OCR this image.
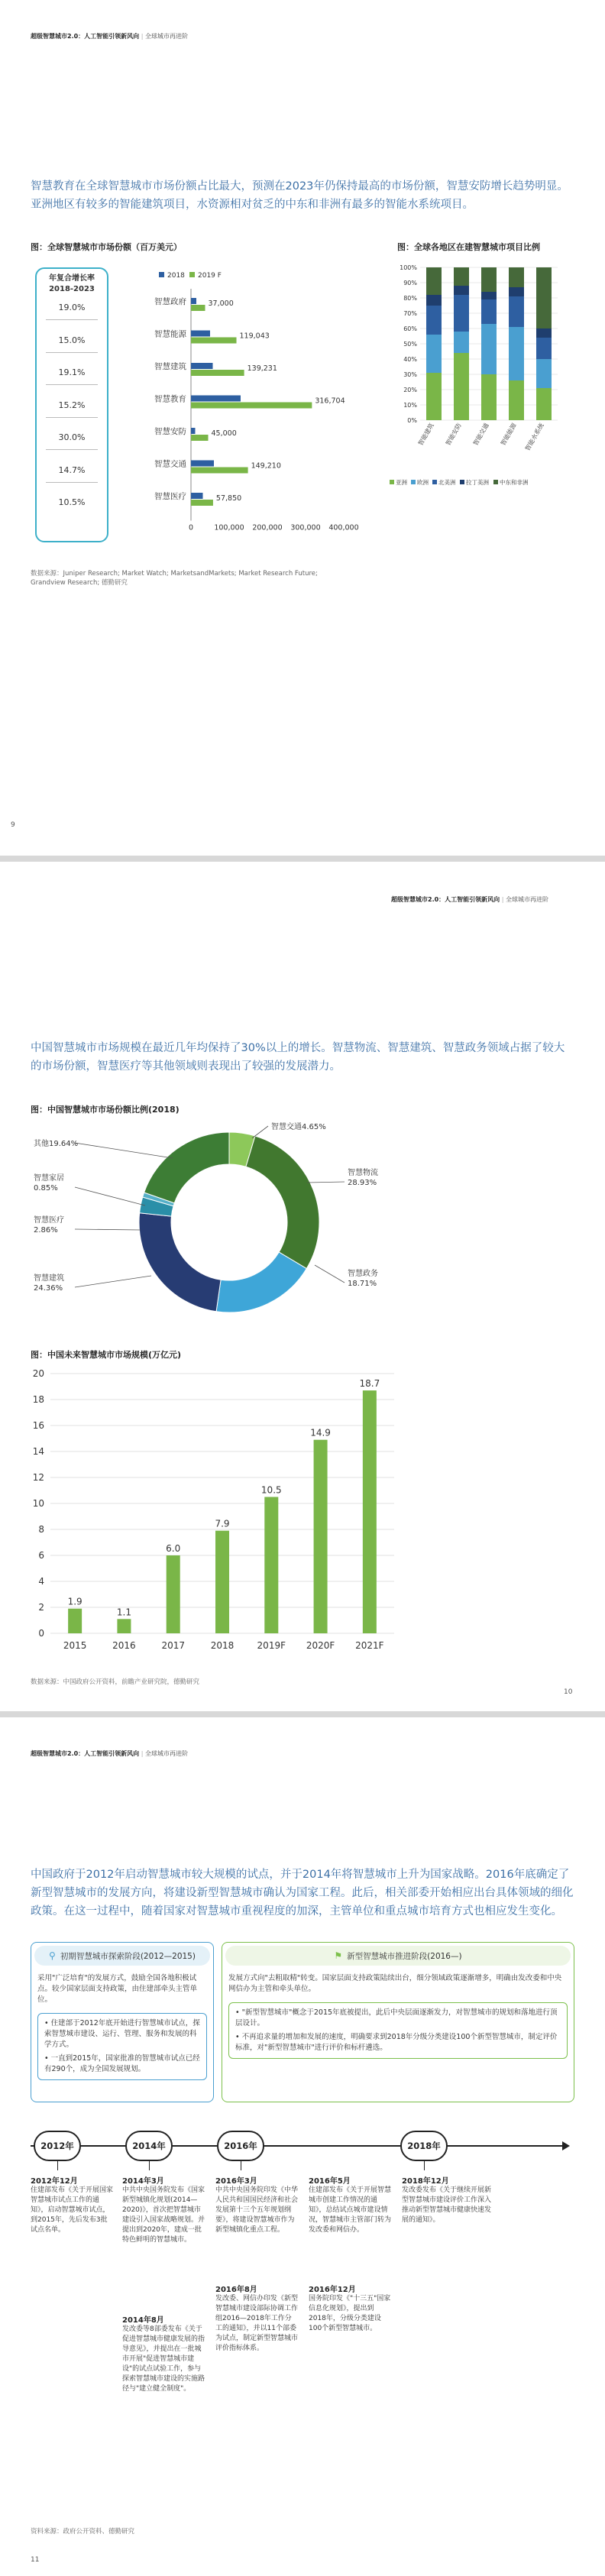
超级智慧城市2.0：人工智能引领新风向 | 全球城市再进阶
智慧教育在全球智慧城市市场份额占比最大，预测在2023年仍保持最高的市场份额，智慧安防增长趋势明显。亚洲地区有较多的智能建筑项目，水资源相对贫乏的中东和非洲有最多的智能水系统项目。
图：全球智慧城市市场份额（百万美元）	图：全球各地区在建智慧城市项目比例
年复合增长率
2018-2023
19.0%
15.0%
19.1%
15.2%
30.0%
14.7%
10.5%
2018 2019 F
智慧政府	37,000
智慧能源	119,043
智慧建筑	139,231
智慧教育	316,704
智慧安防	45,000
智慧交通	149,210
智慧医疗	57,850
0	100,000 200,000 300,000 400,000
0%
10%
20%
30%
40%
50%
60%
70%
80%
90%
100%
智能建筑 智能安防 智能交通 智能能源 智能水系统
亚洲 欧洲 北美洲 拉丁美洲 中东和非洲
数据来源：Juniper Research; Market Watch; MarketsandMarkets; Market Research Future; Grandview Research; 德勤研究
9
超级智慧城市2.0：人工智能引领新风向 | 全球城市再进阶
中国智慧城市市场规模在最近几年均保持了30%以上的增长。智慧物流、智慧建筑、智慧政务领域占据了较大的市场份额，智慧医疗等其他领域则表现出了较强的发展潜力。
图：中国智慧城市市场份额比例(2018)
智慧交通4.65%
智慧物流
28.93%
智慧政务
18.71%
智慧建筑
24.36%
智慧医疗
2.86%
智慧家居
0.85%
其他19.64%
图：中国未来智慧城市市场规模(万亿元)
0
2
4
6
8
10
12
14
16
18
20
1.9
2015
1.1
2016
6.0
2017
7.9
2018
10.5
2019F
14.9
2020F
18.7
2021F
数据来源：中国政府公开资料，前瞻产业研究院，德勤研究
10
超级智慧城市2.0：人工智能引领新风向 | 全球城市再进阶
中国政府于2012年启动智慧城市较大规模的试点，并于2014年将智慧城市上升为国家战略。2016年底确定了新型智慧城市的发展方向，将建设新型智慧城市确认为国家工程。此后，相关部委开始相应出台具体领域的细化政策。在这一过程中，随着国家对智慧城市重视程度的加深，主管单位和重点城市培育方式也相应发生变化。
⚲ 初期智慧城市探索阶段(2012—2015)
采用"广泛培育"的发展方式，鼓励全国各地积极试点。较少国家层面支持政策，由住建部牵头主管单位。
• 住建部于2012年底开始进行智慧城市试点，探索智慧城市建设、运行、管理、服务和发展的科学方式。
• 一直到2015年，国家批准的智慧城市试点已经有290个，成为全国发展规划。
⚑ 新型智慧城市推进阶段(2016—)
发展方式向"去粗取精"转变。国家层面支持政策陆续出台，细分领域政策逐渐增多，明确由发改委和中央网信办为主管和牵头单位。
• "新型智慧城市"概念于2015年底被提出，此后中央层面逐渐发力，对智慧城市的规划和落地进行顶层设计。
• 不再追求量的增加和发展的速度，明确要求到2018年分级分类建设100个新型智慧城市，制定评价标准，对"新型智慧城市"进行评价和标杆遴选。
2012年	2014年	2016年	2018年
2012年12月
住建部发布《关于开展国家智慧城市试点工作的通知》，启动智慧城市试点，到2015年，先后发布3批试点名单。
2014年3月
中共中央国务院发布《国家新型城镇化规划(2014—2020)》，首次把智慧城市建设引入国家战略规划。并提出到2020年，建成一批特色鲜明的智慧城市。
2014年8月
发改委等8部委发布《关于促进智慧城市健康发展的指导意见》，并提出在一批城市开展"促进智慧城市建设"的试点试验工作，参与探索智慧城市建设的实施路径与"建立健全制度"。
2016年3月
中共中央国务院印发《中华人民共和国国民经济和社会发展第十三个五年规划纲要》，将建设智慧城市作为新型城镇化重点工程。
2016年8月
发改委、网信办印发《新型智慧城市建设部际协调工作组2016—2018年工作分工的通知》，并以11个部委为试点，制定新型智慧城市评价指标体系。
2016年5月
住建部发布《关于开展智慧城市创建工作情况的通知》，总结试点城市建设情况，智慧城市主管部门转为发改委和网信办。
2016年12月
国务院印发《"十三五"国家信息化规划》，提出到2018年，分级分类建设100个新型智慧城市。
2018年12月
发改委发布《关于继续开展新型智慧城市建设评价工作深入推动新型智慧城市健康快速发展的通知》。
资料来源：政府公开资料、德勤研究
11
